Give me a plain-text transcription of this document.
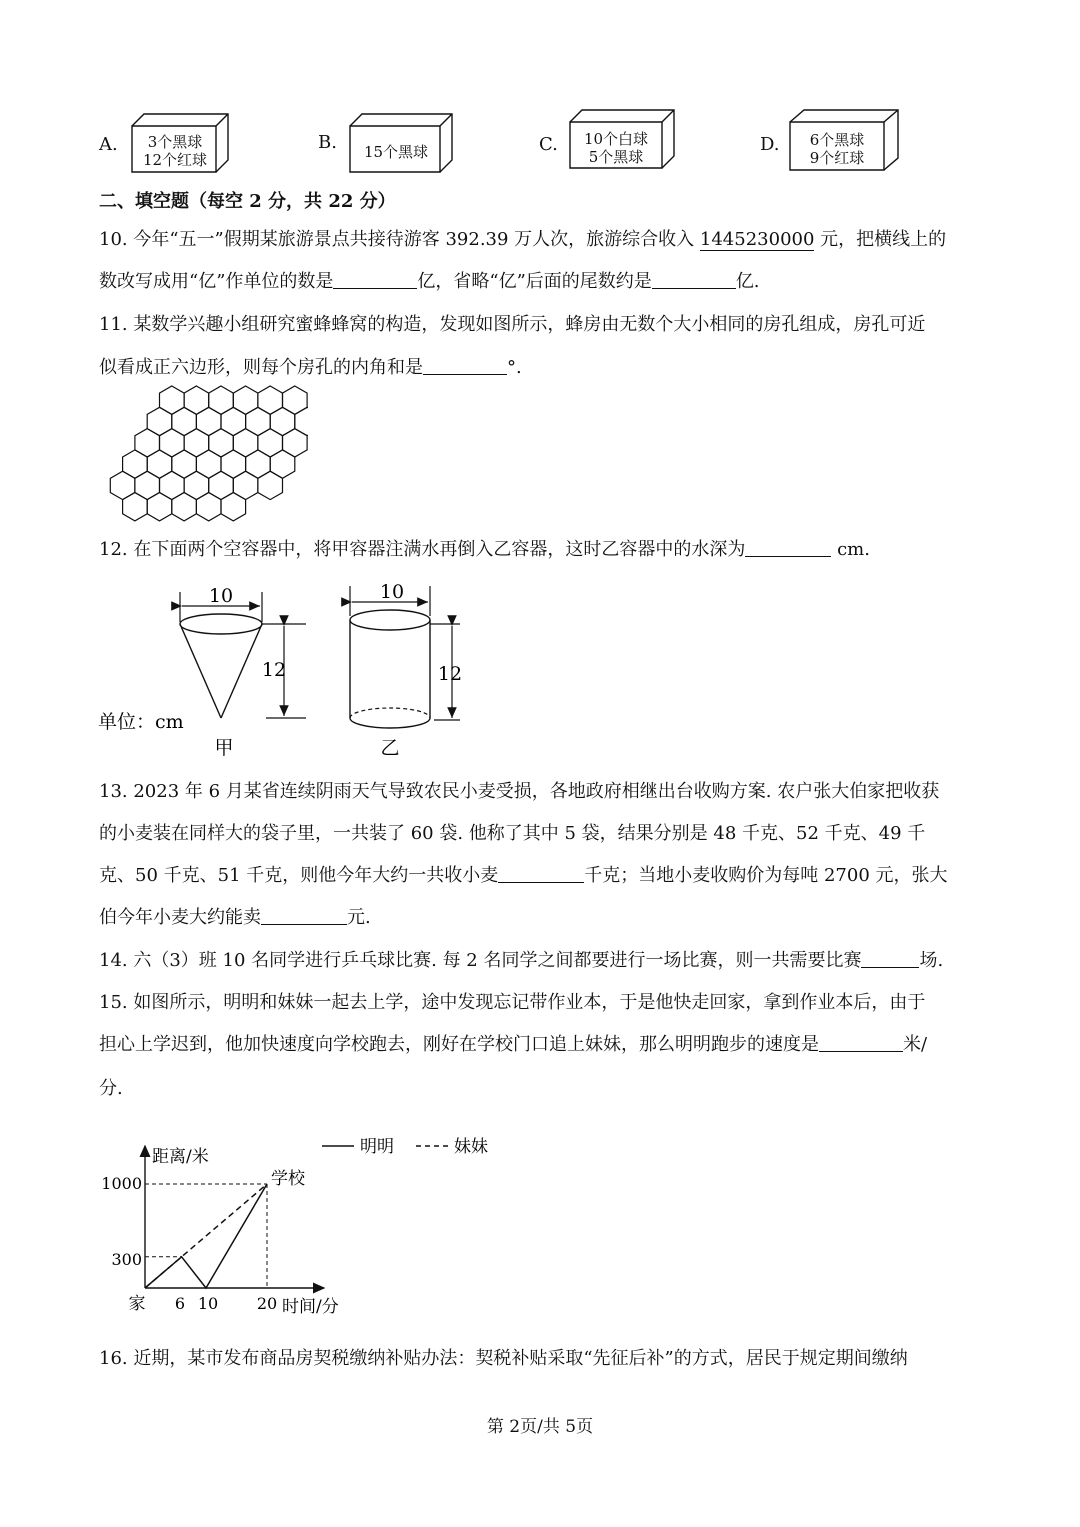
A.	3个黑球
12个红球
B.	15个黑球	C.	10个白球
5个黑球
D.	6个黑球
9个红球
二、填空题（每空 2 分，共 22 分）
10. 今年“五一”假期某旅游景点共接待游客 392.39 万人次，旅游综合收入 1445230000 元，把横线上的
数改写成用“亿”作单位的数是	亿，省略“亿”后面的尾数约是	亿.
11. 某数学兴趣小组研究蜜蜂蜂窝的构造，发现如图所示，蜂房由无数个大小相同的房孔组成，房孔可近
似看成正六边形，则每个房孔的内角和是	°.
12. 在下面两个空容器中，将甲容器注满水再倒入乙容器，这时乙容器中的水深为	cm.
10
12
单位：cm
甲
10
12
乙
13. 2023 年 6 月某省连续阴雨天气导致农民小麦受损，各地政府相继出台收购方案. 农户张大伯家把收获
的小麦装在同样大的袋子里，一共装了 60 袋. 他称了其中 5 袋，结果分别是 48 千克、52 千克、49 千
克、50 千克、51 千克，则他今年大约一共收小麦	千克；当地小麦收购价为每吨 2700 元，张大
伯今年小麦大约能卖	元.
14. 六（3）班 10 名同学进行乒乓球比赛. 每 2 名同学之间都要进行一场比赛，则一共需要比赛	场.
15. 如图所示，明明和妹妹一起去上学，途中发现忘记带作业本，于是他快走回家，拿到作业本后，由于
担心上学迟到，他加快速度向学校跑去，刚好在学校门口追上妹妹，那么明明跑步的速度是	米/
分.
距离/米
时间/分
家
学校
1000
300
6 10 20
明明	妹妹
16. 近期，某市发布商品房契税缴纳补贴办法：契税补贴采取“先征后补”的方式，居民于规定期间缴纳
第 2页/共 5页
